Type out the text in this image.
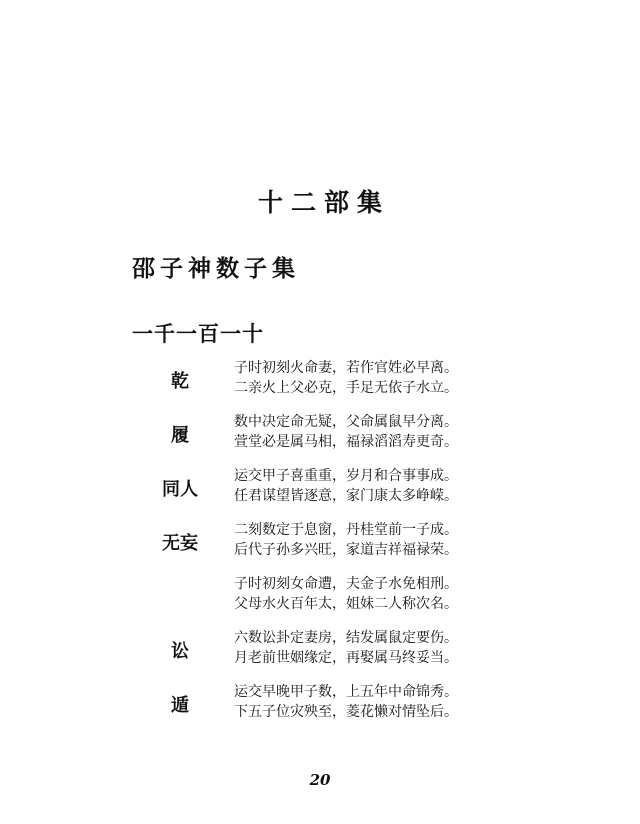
十二部集
邵子神数子集
一千一百一十
乾
子时初刻火命妻，若作官姓必早离。
二亲火上父必克，手足无依子水立。
履
数中决定命无疑，父命属鼠早分离。
萱堂必是属马相，福禄滔滔寿更奇。
同人
运交甲子喜重重，岁月和合事事成。
任君谋望皆逐意，家门康太多峥嵘。
无妄
二刻数定于息窗，丹桂堂前一子成。
后代子孙多兴旺，家道吉祥福禄荣。
子时初刻女命遭，夫金子水免相刑。
父母水火百年太，姐妹二人称次名。
讼
六数讼卦定妻房，结发属鼠定要伤。
月老前世姻缘定，再娶属马终妥当。
遁
运交早晚甲子数，上五年中命锦秀。
下五子位灾殃至，菱花懒对情坠后。
20
